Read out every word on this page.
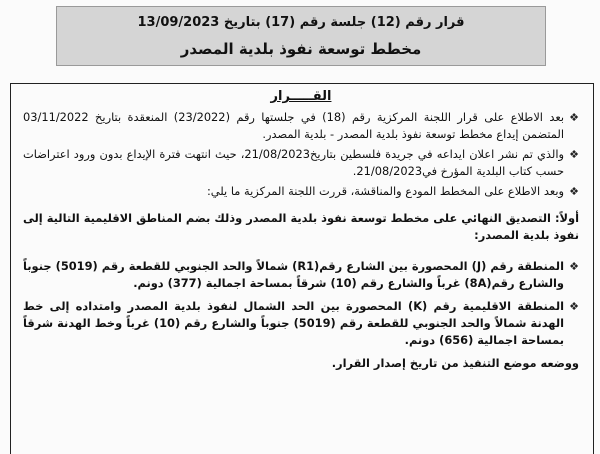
قرار رقم (12) جلسة رقم (17) بتاريخ 13/09/2023
مخطط توسعة نفوذ بلدية المصدر
القـــــرار
❖
بعد الاطلاع على قرار اللجنة المركزية رقم (18) في جلستها رقم (23/2022) المنعقدة بتاريخ 03/11/2022 المتضمن إيداع مخطط توسعة نفوذ بلدية المصدر - بلدية المصدر.
❖
والذي تم نشر اعلان ايداعه في جريدة فلسطين بتاريخ21/08/2023، حيث انتهت فترة الإيداع بدون ورود اعتراضات حسب كتاب البلدية المؤرخ في21/08/2023.
❖
وبعد الاطلاع على المخطط المودع والمناقشة، قررت اللجنة المركزية ما يلي:
أولاً: التصديق النهائي على مخطط توسعة نفوذ بلدية المصدر وذلك بضم المناطق الاقليمية التالية إلى نفوذ بلدية المصدر:
❖
المنطقة رقم (J) المحصورة بين الشارع رقم(R1) شمالاً والحد الجنوبي للقطعة رقم (5019) جنوباً والشارع رقم(8A) غرباً والشارع رقم (10) شرقاً بمساحة اجمالية (377) دونم.
❖
المنطقة الاقليمية رقم (K) المحصورة بين الحد الشمال لنفوذ بلدية المصدر وامتداده إلى خط الهدنة شمالاً والحد الجنوبي للقطعة رقم (5019) جنوباً والشارع رقم (10) غرباً وخط الهدنة شرقاً بمساحة اجمالية (656) دونم.
ووضعه موضع التنفيذ من تاريخ إصدار القرار.
